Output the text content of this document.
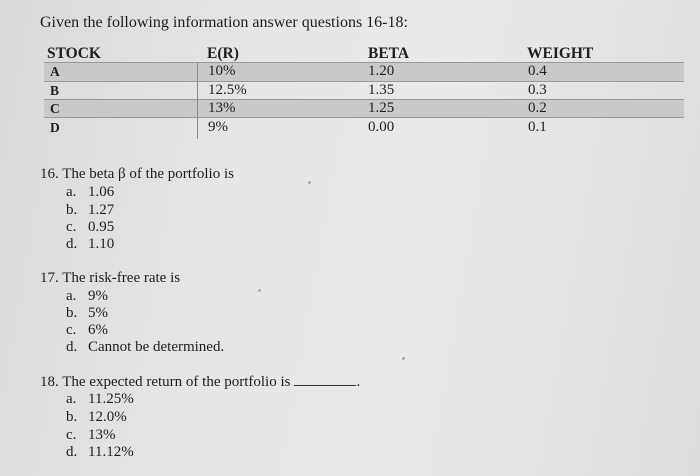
Given the following information answer questions 16-18:
STOCK	E(R)	BETA	WEIGHT
A	10%	1.20	0.4
B	12.5%	1.35	0.3
C	13%	1.25	0.2
D	9%	0.00	0.1
16. The beta β of the portfolio is
a. 1.06
b. 1.27
c. 0.95
d. 1.10
17. The risk-free rate is
a. 9%
b. 5%
c. 6%
d. Cannot be determined.
18. The expected return of the portfolio is	.
a. 11.25%
b. 12.0%
c. 13%
d. 11.12%
